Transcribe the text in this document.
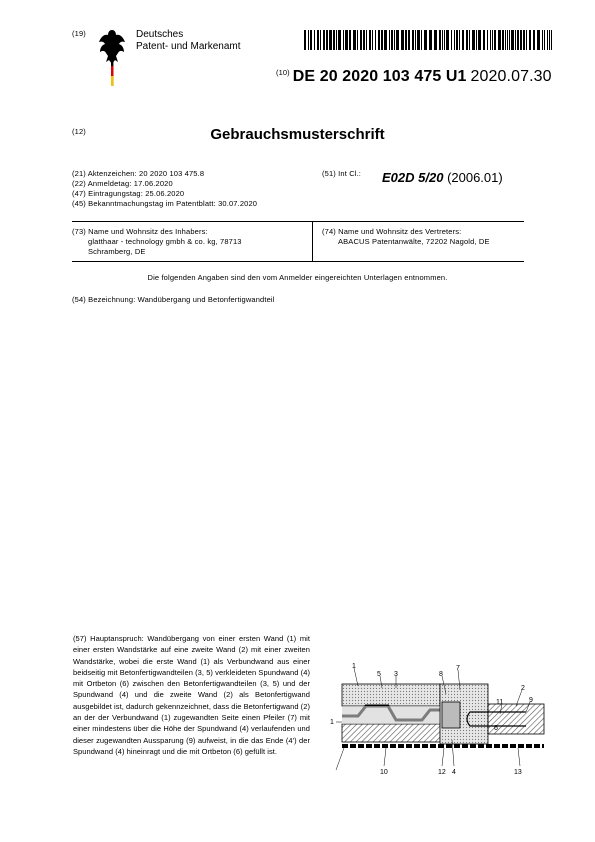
(19)	Deutsches
Patent- und Markenamt
$^{(10)}$ DE 20 2020 103 475 U1 2020.07.30
(12)	Gebrauchsmusterschrift
(21) Aktenzeichen: 20 2020 103 475.8
(22) Anmeldetag: 17.06.2020
(47) Eintragungstag: 25.06.2020
(45) Bekanntmachungstag im Patentblatt: 30.07.2020
(51) Int Cl.: E02D 5/20 (2006.01)
(73) Name und Wohnsitz des Inhabers:
glatthaar - technology gmbh & co. kg, 78713
Schramberg, DE
(74) Name und Wohnsitz des Vertreters:
ABACUS Patentanwälte, 72202 Nagold, DE
Die folgenden Angaben sind den vom Anmelder eingereichten Unterlagen entnommen.
(54) Bezeichnung: Wandübergang und Betonfertigwandteil
(57) Hauptanspruch: Wandübergang von einer ersten Wand (1) mit einer ersten Wandstärke auf eine zweite Wand (2) mit einer zweiten Wandstärke, wobei die erste Wand (1) als Verbundwand aus einer beidseitig mit Betonfertigwandteilen (3, 5) verkleideten Spundwand (4) mit Ortbeton (6) zwischen den Betonfertigwandteilen (3, 5) und der Spundwand (4) und die zweite Wand (2) als Betonfertigwand ausgebildet ist, dadurch gekennzeichnet, dass die Betonfertigwand (2) an der der Verbundwand (1) zugewandten Seite einen Pfeiler (7) mit einer mindestens über die Höhe der Spundwand (4) verlaufenden und dieser zugewandten Aussparung (9) aufweist, in die das Ende (4') der Spundwand (4) hineinragt und die mit Ortbeton (6) gefüllt ist.
1
5 3	8
7
2
11	9
6
1
10	12 4	13
